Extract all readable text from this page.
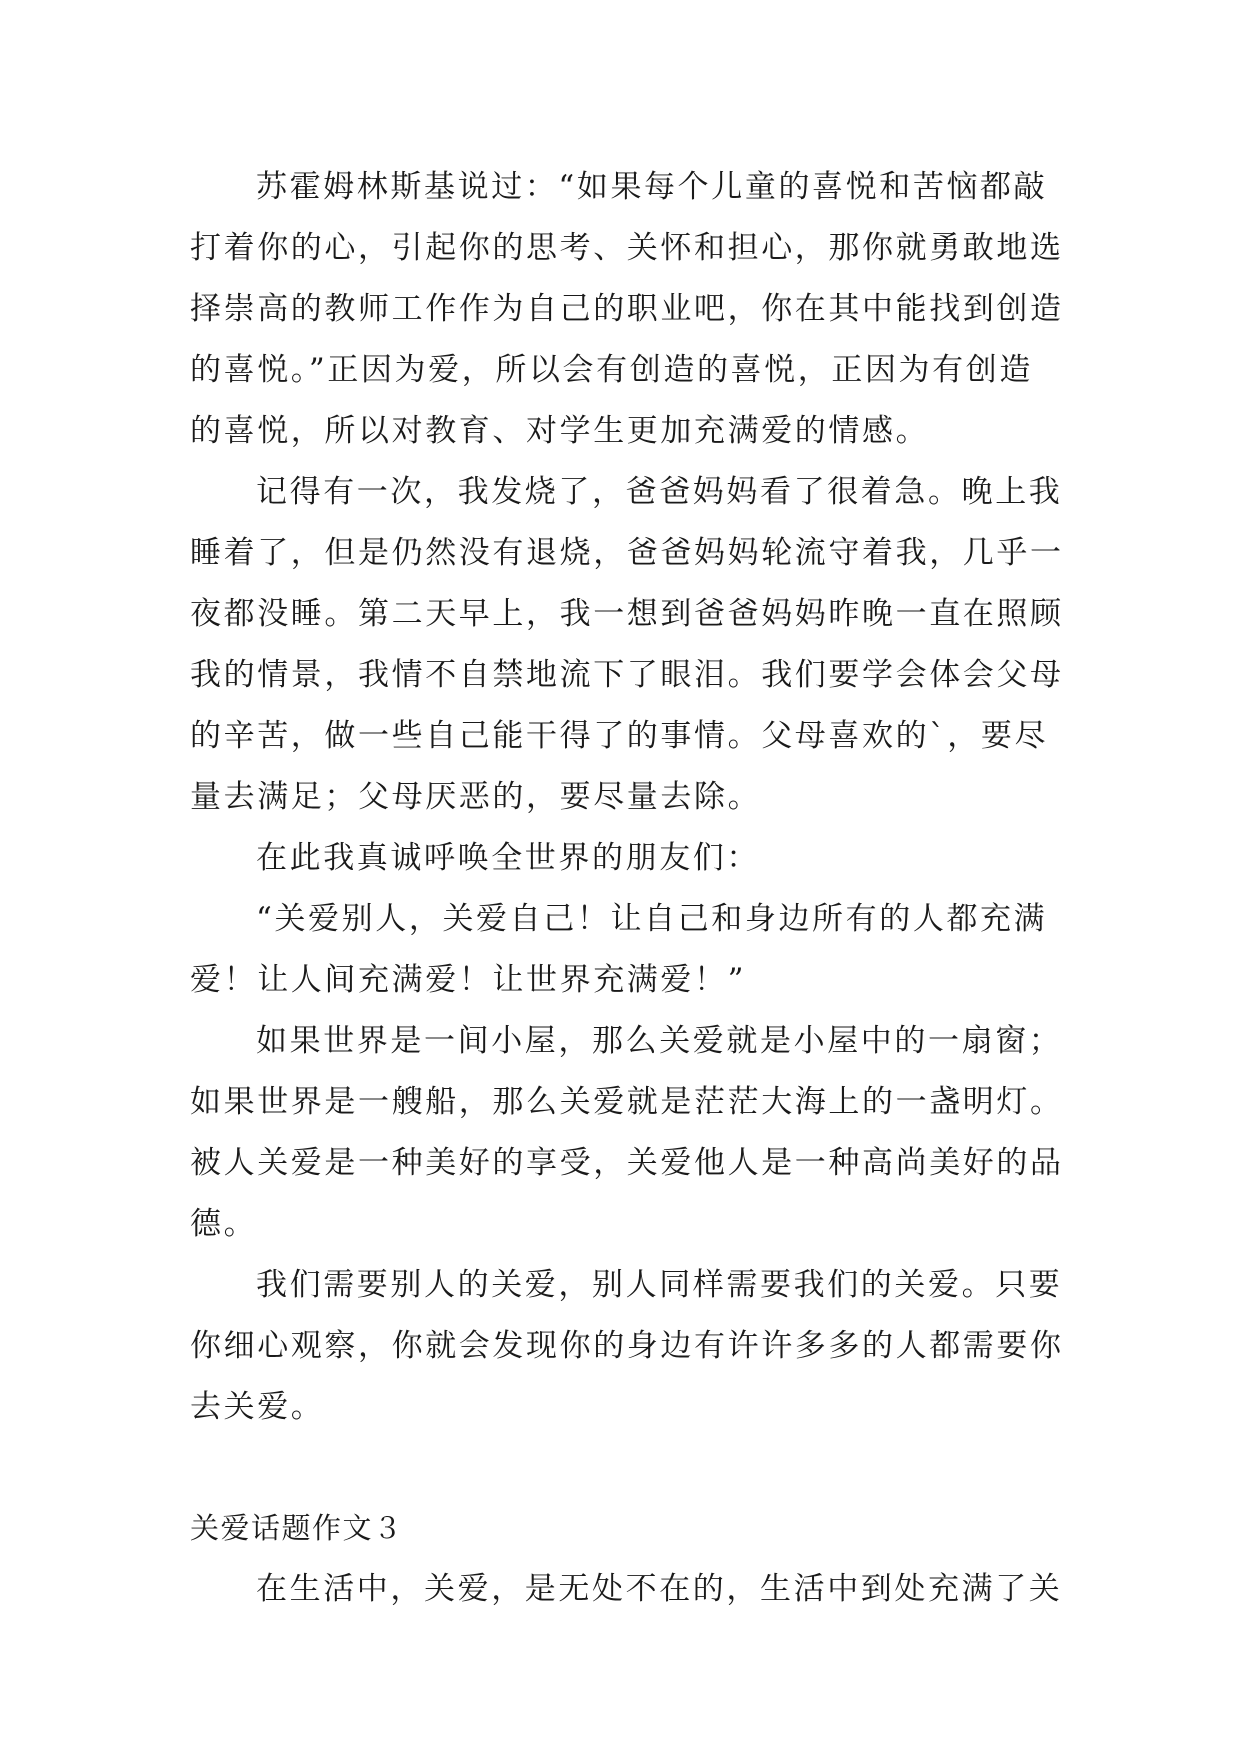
苏霍姆林斯基说过：“如果每个儿童的喜悦和苦恼都敲
打着你的心，引起你的思考、关怀和担心，那你就勇敢地选
择崇高的教师工作作为自己的职业吧，你在其中能找到创造
的喜悦。”正因为爱，所以会有创造的喜悦，正因为有创造
的喜悦，所以对教育、对学生更加充满爱的情感。
记得有一次，我发烧了，爸爸妈妈看了很着急。晚上我
睡着了，但是仍然没有退烧，爸爸妈妈轮流守着我，几乎一
夜都没睡。第二天早上，我一想到爸爸妈妈昨晚一直在照顾
我的情景，我情不自禁地流下了眼泪。我们要学会体会父母
的辛苦，做一些自己能干得了的事情。父母喜欢的`，要尽
量去满足；父母厌恶的，要尽量去除。
在此我真诚呼唤全世界的朋友们：
“关爱别人，关爱自己！让自己和身边所有的人都充满
爱！让人间充满爱！让世界充满爱！”
如果世界是一间小屋，那么关爱就是小屋中的一扇窗；
如果世界是一艘船，那么关爱就是茫茫大海上的一盏明灯。
被人关爱是一种美好的享受，关爱他人是一种高尚美好的品
德。
我们需要别人的关爱，别人同样需要我们的关爱。只要
你细心观察，你就会发现你的身边有许许多多的人都需要你
去关爱。
关爱话题作文３
在生活中，关爱，是无处不在的，生活中到处充满了关
